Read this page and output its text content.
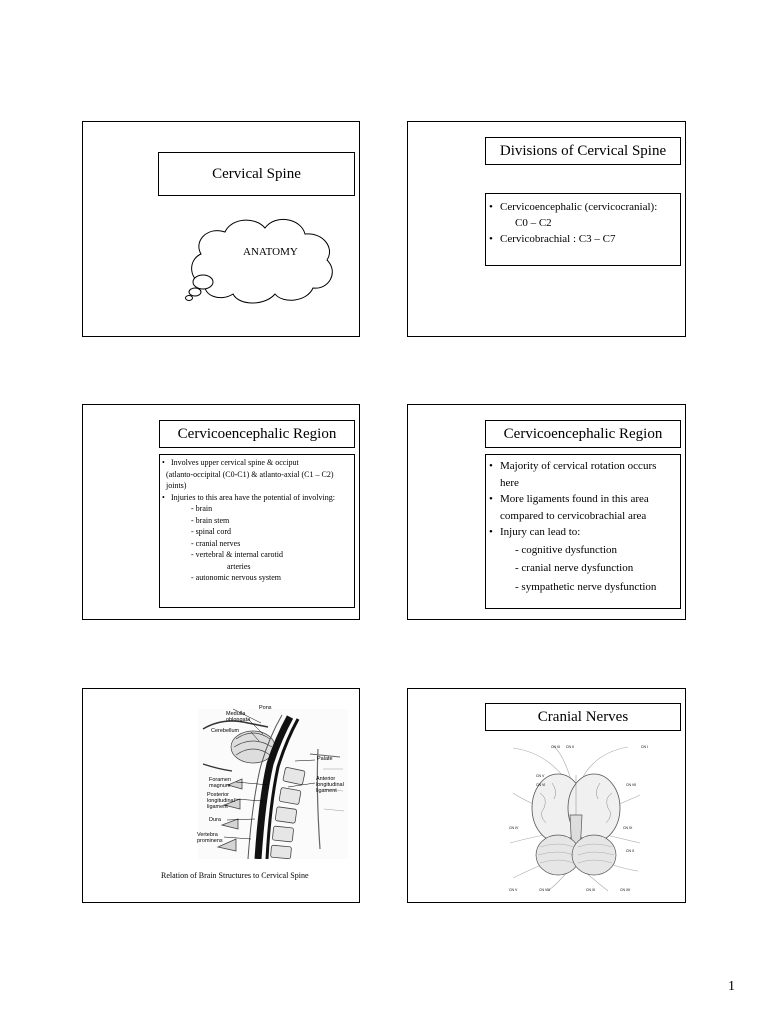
Cervical Spine
ANATOMY
Divisions of Cervical Spine
• Cervicoencephalic (cervicocranial):
C0 – C2
• Cervicobrachial : C3 – C7
Cervicoencephalic Region
• Involves upper cervical spine & occiput
(atlanto-occipital (C0-C1) & atlanto-axial (C1 – C2) joints)
• Injuries to this area have the potential of involving:
- brain
- brain stem
- spinal cord
- cranial nerves
- vertebral & internal carotid
arteries
- autonomic nervous system
Cervicoencephalic Region
• Majority of cervical rotation occurs here
• More ligaments found in this area compared to cervicobrachial area
• Injury can lead to:
- cognitive dysfunction
- cranial nerve dysfunction
- sympathetic nerve dysfunction
Pons
Medulla oblongata
Cerebellum
Palate
Foramen magnum
Anterior longitudinal ligament
Posterior longitudinal ligament
Dura
Vertebra prominens
Relation of Brain Structures to Cervical Spine
Cranial Nerves
CN III CN II	CN I
CN V
CN VI	CN VII
CN IV	CN IX
CN X
CN VIII	CN XI	CN XII
CN V
1
